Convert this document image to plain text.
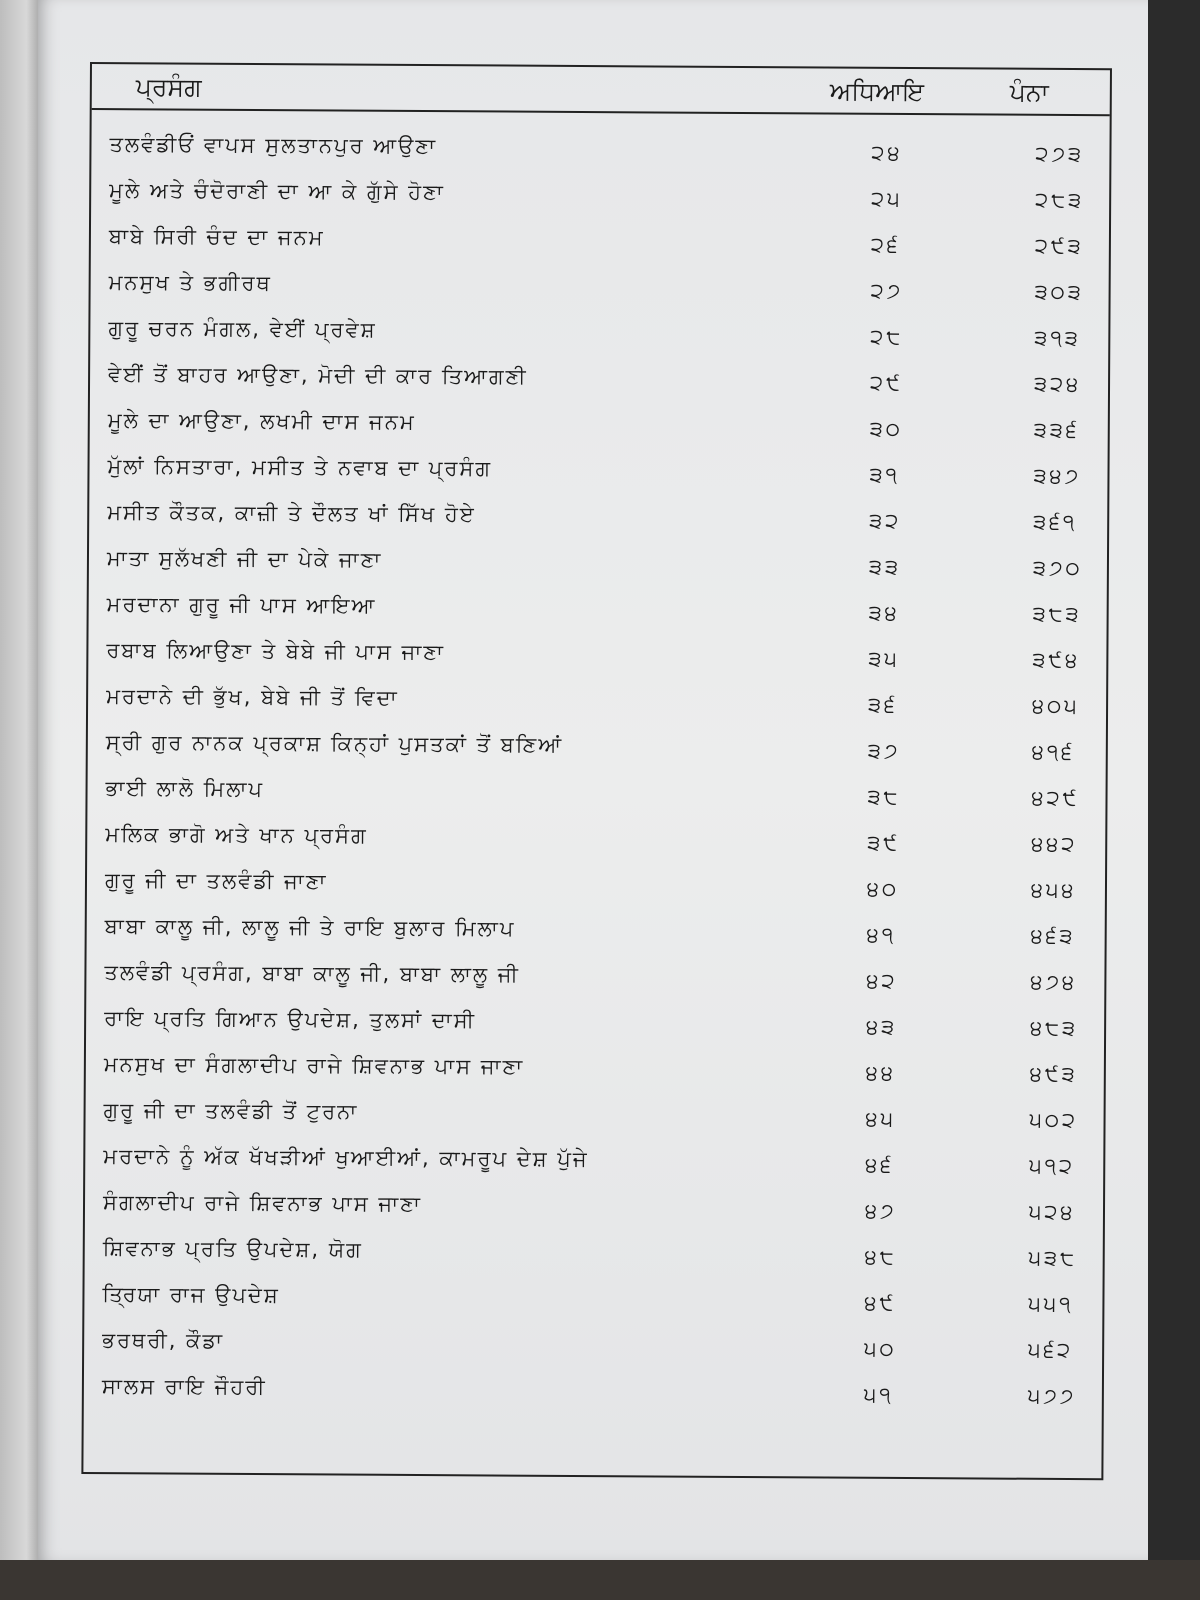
ਪ੍ਰਸੰਗ	ਅਧਿਆਇ	ਪੰਨਾ
ਤਲਵੰਡੀਓਂ ਵਾਪਸ ਸੁਲਤਾਨਪੁਰ ਆਉਣਾ	੨੪	੨੭੩
ਮੂਲੇ ਅਤੇ ਚੰਦੋਰਾਣੀ ਦਾ ਆ ਕੇ ਗੁੱਸੇ ਹੋਣਾ	੨੫	੨੮੩
ਬਾਬੇ ਸਿਰੀ ਚੰਦ ਦਾ ਜਨਮ	੨੬	੨੯੩
ਮਨਸੁਖ ਤੇ ਭਗੀਰਥ	੨੭	੩੦੩
ਗੁਰੂ ਚਰਨ ਮੰਗਲ, ਵੇਈਂ ਪ੍ਰਵੇਸ਼	੨੮	੩੧੩
ਵੇਈਂ ਤੋਂ ਬਾਹਰ ਆਉਣਾ, ਮੋਦੀ ਦੀ ਕਾਰ ਤਿਆਗਣੀ	੨੯	੩੨੪
ਮੂਲੇ ਦਾ ਆਉਣਾ, ਲਖਮੀ ਦਾਸ ਜਨਮ	੩੦	੩੩੬
ਮੁੱਲਾਂ ਨਿਸਤਾਰਾ, ਮਸੀਤ ਤੇ ਨਵਾਬ ਦਾ ਪ੍ਰਸੰਗ	੩੧	੩੪੭
ਮਸੀਤ ਕੌਤਕ, ਕਾਜ਼ੀ ਤੇ ਦੌਲਤ ਖਾਂ ਸਿੱਖ ਹੋਏ	੩੨	੩੬੧
ਮਾਤਾ ਸੁਲੱਖਣੀ ਜੀ ਦਾ ਪੇਕੇ ਜਾਣਾ	੩੩	੩੭੦
ਮਰਦਾਨਾ ਗੁਰੂ ਜੀ ਪਾਸ ਆਇਆ	੩੪	੩੮੩
ਰਬਾਬ ਲਿਆਉਣਾ ਤੇ ਬੇਬੇ ਜੀ ਪਾਸ ਜਾਣਾ	੩੫	੩੯੪
ਮਰਦਾਨੇ ਦੀ ਭੁੱਖ, ਬੇਬੇ ਜੀ ਤੋਂ ਵਿਦਾ	੩੬	੪੦੫
ਸ੍ਰੀ ਗੁਰ ਨਾਨਕ ਪ੍ਰਕਾਸ਼ ਕਿਨ੍ਹਾਂ ਪੁਸਤਕਾਂ ਤੋਂ ਬਣਿਆਂ	੩੭	੪੧੬
ਭਾਈ ਲਾਲੋ ਮਿਲਾਪ	੩੮	੪੨੯
ਮਲਿਕ ਭਾਗੋ ਅਤੇ ਖਾਨ ਪ੍ਰਸੰਗ	੩੯	੪੪੨
ਗੁਰੂ ਜੀ ਦਾ ਤਲਵੰਡੀ ਜਾਣਾ	੪੦	੪੫੪
ਬਾਬਾ ਕਾਲੂ ਜੀ, ਲਾਲੂ ਜੀ ਤੇ ਰਾਇ ਬੁਲਾਰ ਮਿਲਾਪ	੪੧	੪੬੩
ਤਲਵੰਡੀ ਪ੍ਰਸੰਗ, ਬਾਬਾ ਕਾਲੂ ਜੀ, ਬਾਬਾ ਲਾਲੂ ਜੀ	੪੨	੪੭੪
ਰਾਇ ਪ੍ਰਤਿ ਗਿਆਨ ਉਪਦੇਸ਼, ਤੁਲਸਾਂ ਦਾਸੀ	੪੩	੪੮੩
ਮਨਸੁਖ ਦਾ ਸੰਗਲਾਦੀਪ ਰਾਜੇ ਸ਼ਿਵਨਾਭ ਪਾਸ ਜਾਣਾ	੪੪	੪੯੩
ਗੁਰੂ ਜੀ ਦਾ ਤਲਵੰਡੀ ਤੋਂ ਟੁਰਨਾ	੪੫	੫੦੨
ਮਰਦਾਨੇ ਨੂੰ ਅੱਕ ਖੱਖੜੀਆਂ ਖੁਆਈਆਂ, ਕਾਮਰੂਪ ਦੇਸ਼ ਪੁੱਜੇ	੪੬	੫੧੨
ਸੰਗਲਾਦੀਪ ਰਾਜੇ ਸ਼ਿਵਨਾਭ ਪਾਸ ਜਾਣਾ	੪੭	੫੨੪
ਸ਼ਿਵਨਾਭ ਪ੍ਰਤਿ ਉਪਦੇਸ਼, ਯੋਗ	੪੮	੫੩੮
ਤ੍ਰਿਯਾ ਰਾਜ ਉਪਦੇਸ਼	੪੯	੫੫੧
ਭਰਥਰੀ, ਕੌਡਾ	੫੦	੫੬੨
ਸਾਲਸ ਰਾਇ ਜੌਹਰੀ	੫੧	੫੭੭
